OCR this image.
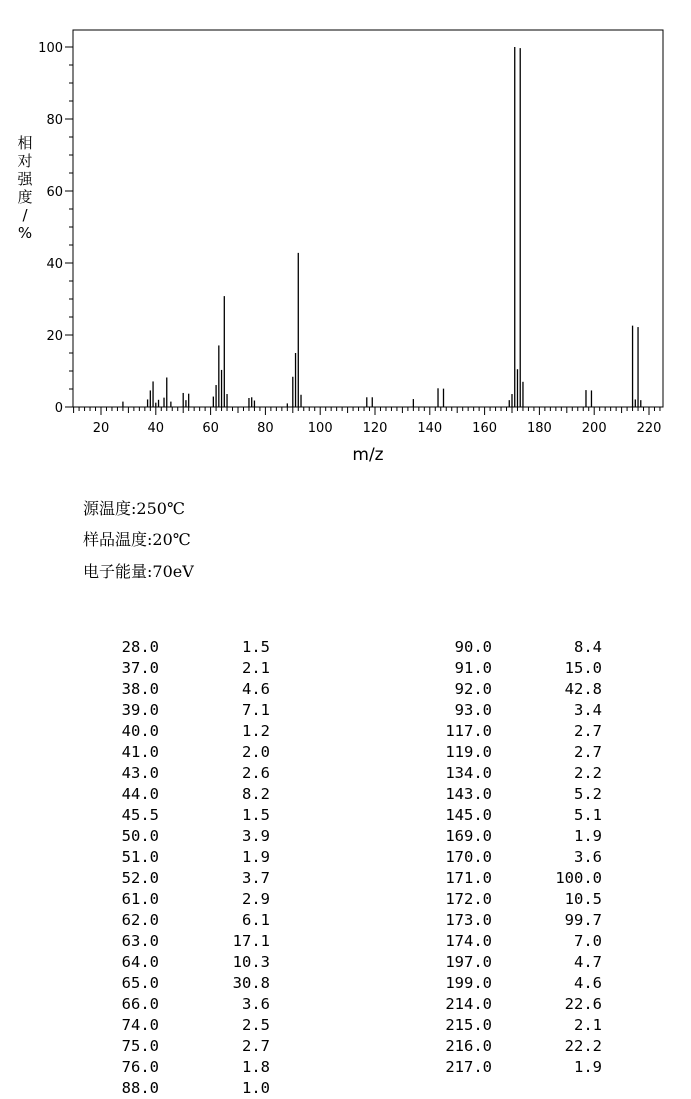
相
对
强
度
/
%
m/z
20	40	60	80	100 120 140 160 180 200 220
0
20
40
60
80
100
源温度:250℃
样品温度:20℃
电子能量:70eV
28.0	1.5
37.0	2.1
38.0	4.6
39.0	7.1
40.0	1.2
41.0	2.0
43.0	2.6
44.0	8.2
45.5	1.5
50.0	3.9
51.0	1.9
52.0	3.7
61.0	2.9
62.0	6.1
63.0	17.1
64.0	10.3
65.0	30.8
66.0	3.6
74.0	2.5
75.0	2.7
76.0	1.8
88.0	1.0
90.0	8.4
91.0	15.0
92.0	42.8
93.0	3.4
117.0	2.7
119.0	2.7
134.0	2.2
143.0	5.2
145.0	5.1
169.0	1.9
170.0	3.6
171.0	100.0
172.0	10.5
173.0	99.7
174.0	7.0
197.0	4.7
199.0	4.6
214.0	22.6
215.0	2.1
216.0	22.2
217.0	1.9
